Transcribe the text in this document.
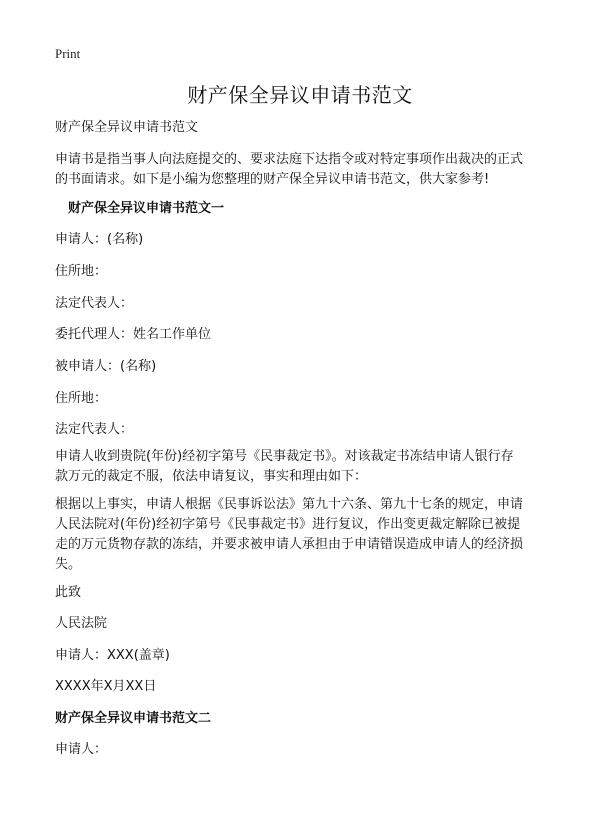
Print
财产保全异议申请书范文

财产保全异议申请书范文

申请书是指当事人向法庭提交的、要求法庭下达指令或对特定事项作出裁决的正式
的书面请求。如下是小编为您整理的财产保全异议申请书范文，供大家参考!

财产保全异议申请书范文一

申请人：(名称)

住所地：

法定代表人：

委托代理人：姓名工作单位

被申请人：(名称)

住所地：

法定代表人：

申请人收到贵院(年份)经初字第号《民事裁定书》。对该裁定书冻结申请人银行存
款万元的裁定不服，依法申请复议，事实和理由如下：
根据以上事实，申请人根据《民事诉讼法》第九十六条、第九十七条的规定，申请
人民法院对(年份)经初字第号《民事裁定书》进行复议，作出变更裁定解除已被提
走的万元货物存款的冻结，并要求被申请人承担由于申请错误造成申请人的经济损
失。

此致

人民法院

申请人：XXX(盖章)

XXXX年X月XX日

财产保全异议申请书范文二

申请人：
